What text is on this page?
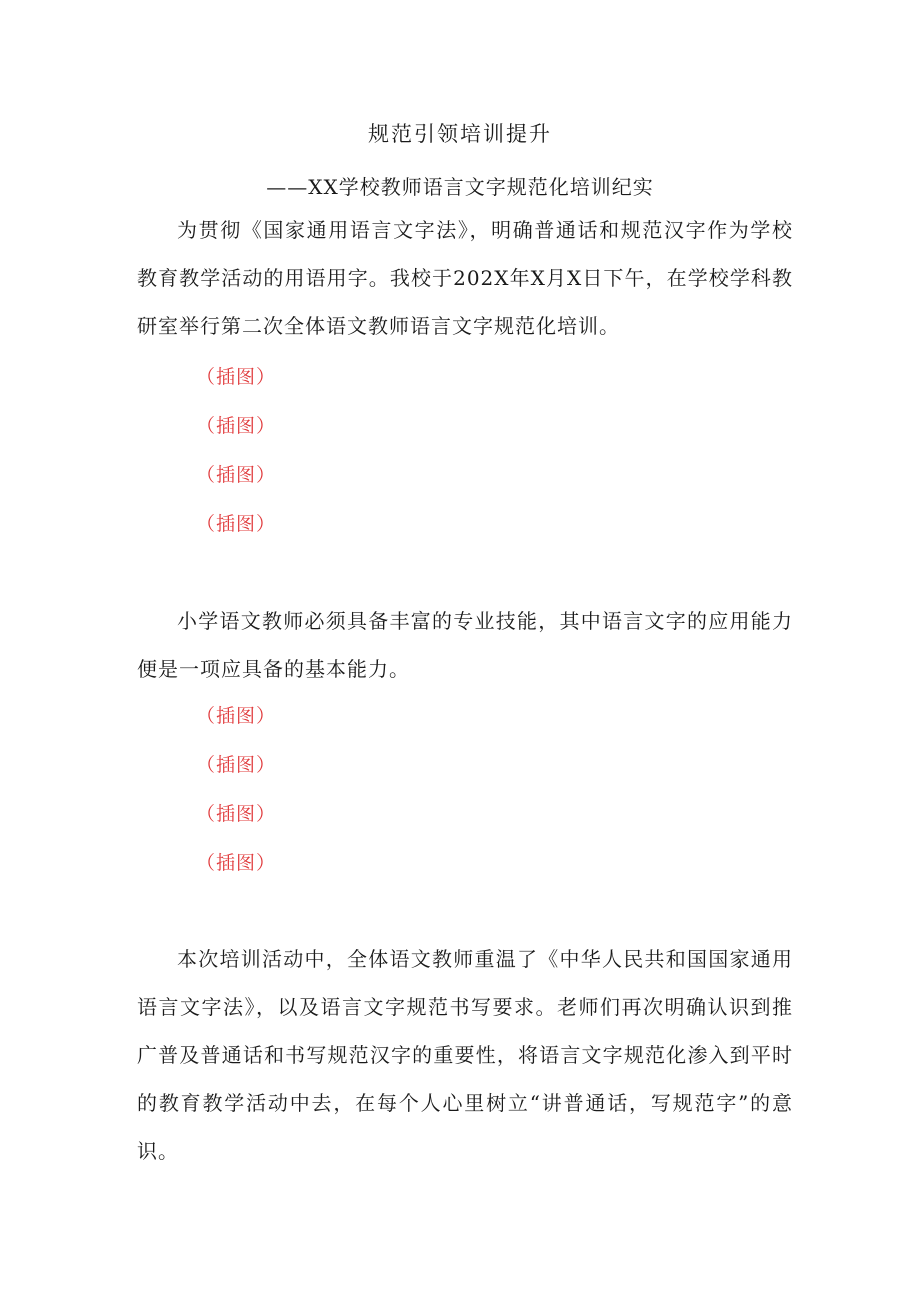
规范引领培训提升
——XX学校教师语言文字规范化培训纪实

为贯彻《国家通用语言文字法》，明确普通话和规范汉字作为学校教育教学活动的用语用字。我校于202X年X月X日下午，在学校学科教研室举行第二次全体语文教师语言文字规范化培训。

（插图）

（插图）

（插图）

（插图）

小学语文教师必须具备丰富的专业技能，其中语言文字的应用能力便是一项应具备的基本能力。

（插图）

（插图）

（插图）

（插图）

本次培训活动中，全体语文教师重温了《中华人民共和国国家通用语言文字法》，以及语言文字规范书写要求。老师们再次明确认识到推广普及普通话和书写规范汉字的重要性，将语言文字规范化渗入到平时的教育教学活动中去，在每个人心里树立“讲普通话，写规范字”的意识。
